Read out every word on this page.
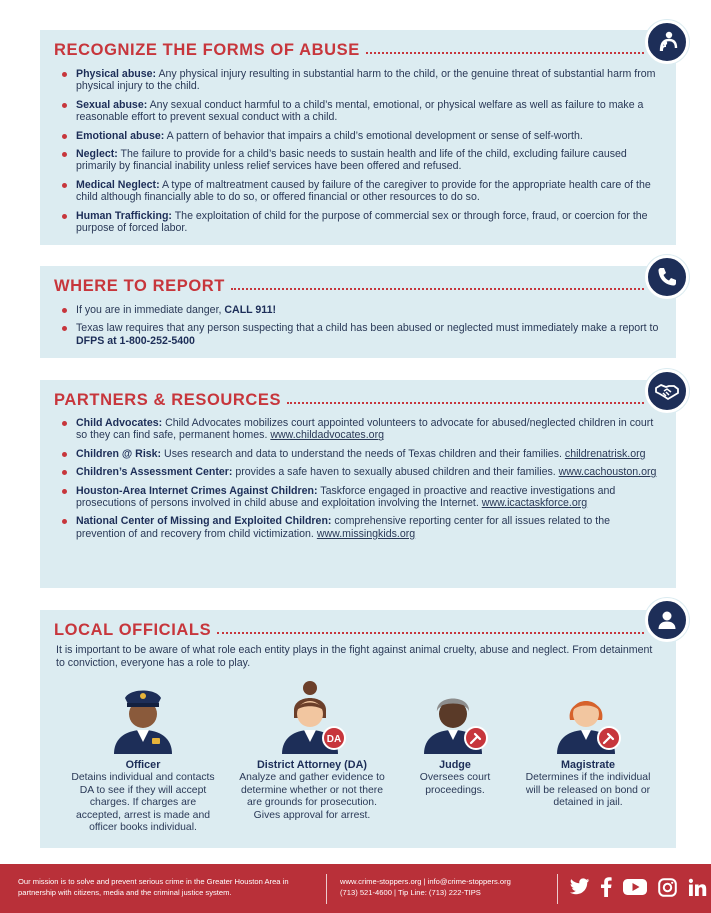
RECOGNIZE THE FORMS OF ABUSE
Physical abuse: Any physical injury resulting in substantial harm to the child, or the genuine threat of substantial harm from physical injury to the child.
Sexual abuse: Any sexual conduct harmful to a child’s mental, emotional, or physical welfare as well as failure to make a reasonable effort to prevent sexual conduct with a child.
Emotional abuse: A pattern of behavior that impairs a child’s emotional development or sense of self-worth.
Neglect: The failure to provide for a child’s basic needs to sustain health and life of the child, excluding failure caused primarily by financial inability unless relief services have been offered and refused.
Medical Neglect: A type of maltreatment caused by failure of the caregiver to provide for the appropriate health care of the child although financially able to do so, or offered financial or other resources to do so.
Human Trafficking: The exploitation of child for the purpose of commercial sex or through force, fraud, or coercion for the purpose of forced labor.
WHERE TO REPORT
If you are in immediate danger, CALL 911!
Texas law requires that any person suspecting that a child has been abused or neglected must immediately make a report to DFPS at 1-800-252-5400
PARTNERS & RESOURCES
Child Advocates: Child Advocates mobilizes court appointed volunteers to advocate for abused/neglected children in court so they can find safe, permanent homes. www.childadvocates.org
Children @ Risk: Uses research and data to understand the needs of Texas children and their families. childrenatrisk.org
Children’s Assessment Center: provides a safe haven to sexually abused children and their families. www.cachouston.org
Houston-Area Internet Crimes Against Children: Taskforce engaged in proactive and reactive investigations and prosecutions of persons involved in child abuse and exploitation involving the Internet. www.icactaskforce.org
National Center of Missing and Exploited Children: comprehensive reporting center for all issues related to the prevention of and recovery from child victimization. www.missingkids.org
LOCAL OFFICIALS
It is important to be aware of what role each entity plays in the fight against animal cruelty, abuse and neglect. From detainment to conviction, everyone has a role to play.
Officer
Detains individual and contacts DA to see if they will accept charges. If charges are accepted, arrest is made and officer books individual.
DA
District Attorney (DA)
Analyze and gather evidence to determine whether or not there are grounds for prosecution. Gives approval for arrest.
Judge
Oversees court proceedings.
Magistrate
Determines if the individual will be released on bond or detained in jail.
Our mission is to solve and prevent serious crime in the Greater Houston Area in partnership with citizens, media and the criminal justice system.
www.crime-stoppers.org | info@crime-stoppers.org
(713) 521-4600 | Tip Line: (713) 222-TIPS
